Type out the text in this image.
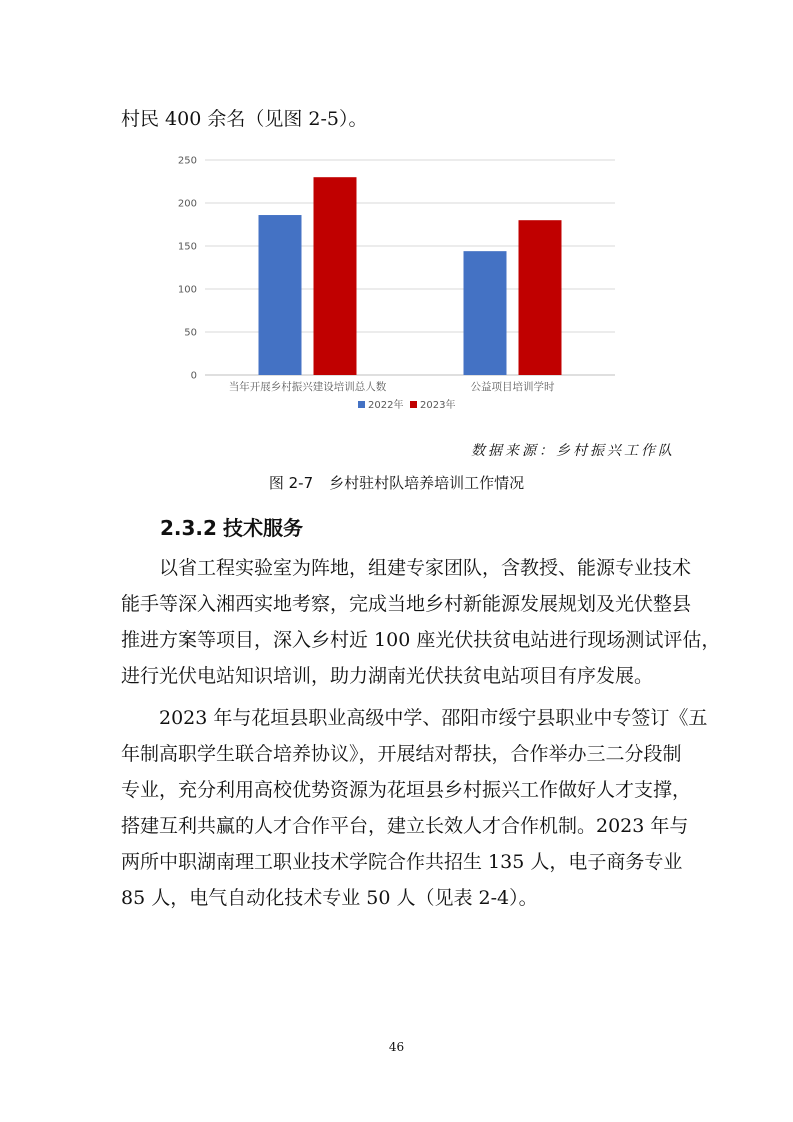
村民 400 余名（见图 2-5）。

0
50
100
150
200
250
当年开展乡村振兴建设培训总人数	公益项目培训学时
2022年 2023年

数据来源：乡村振兴工作队

图 2-7 乡村驻村队培养培训工作情况

2.3.2 技术服务

　　以省工程实验室为阵地，组建专家团队，含教授、能源专业技术

能手等深入湘西实地考察，完成当地乡村新能源发展规划及光伏整县

推进方案等项目，深入乡村近 100 座光伏扶贫电站进行现场测试评估，

进行光伏电站知识培训，助力湖南光伏扶贫电站项目有序发展。

　　2023 年与花垣县职业高级中学、邵阳市绥宁县职业中专签订《五

年制高职学生联合培养协议》，开展结对帮扶，合作举办三二分段制

专业，充分利用高校优势资源为花垣县乡村振兴工作做好人才支撑，

搭建互利共赢的人才合作平台，建立长效人才合作机制。2023 年与

两所中职湖南理工职业技术学院合作共招生 135 人，电子商务专业

85 人，电气自动化技术专业 50 人（见表 2-4）。

46
